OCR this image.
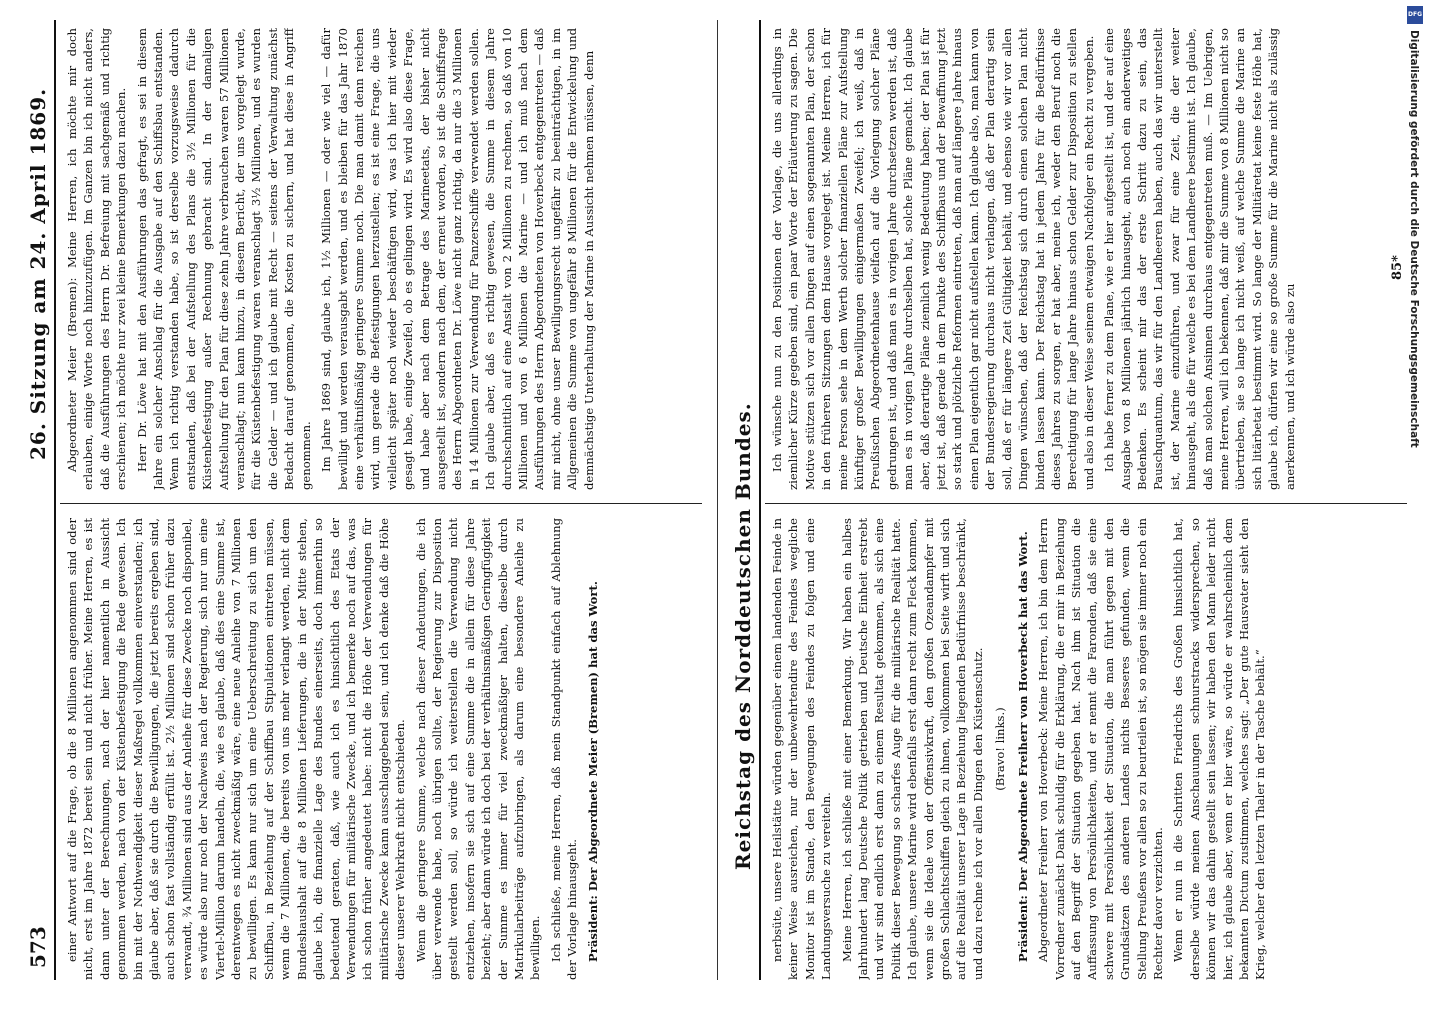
26. Sitzung am 24. April 1869.
573 einer Antwort auf die Frage, ob die 8 Millionen angenommen sind oder nicht, erst im Jahre 1872 bereit sein und nicht früher. Meine Herren, es ist dann unter der Berechnungen, nach der hier namentlich in Aussicht genommen werden, nach von der Küstenbefestigung die Rede gewesen. Ich bin mit der Nothwendigkeit dieser Maßregel vollkommen einverstanden; ich glaube aber, daß sie durch die Bewilligungen, die jetzt bereits ergeben sind, auch schon fast vollständig erfüllt ist. 2½ Millionen sind schon früher dazu verwandt, ¾ Millionen sind aus der Anleihe für diese Zwecke noch disponibel, es würde also nur noch der Nachweis nach der Regierung, sich nur um eine Viertel-Million darum handeln, die, wie es glaube, daß dies eine Summe ist, derentwegen es nicht zweckmäßig wäre, eine neue Anleihe von 7 Millionen zu bewilligen. Es kann nur sich um eine Ueberschreitung zu sich um den Schiffbau, in Beziehung auf der Schiffbau Stipulationen eintreten müssen, wenn die 7 Millionen, die bereits von uns mehr verlangt werden, nicht dem Bundeshaushalt auf die 8 Millionen Lieferungen, die in der Mitte stehen, glaube ich, die finanzielle Lage des Bundes einerseits, doch immerhin so bedeutend geraten, daß, wie auch ich es hinsichtlich des Etats der Verwendungen für militärische Zwecke, und ich bemerke noch auf das, was ich schon früher angedeutet habe: nicht die Höhe der Verwendungen für militärische Zwecke kann ausschlaggebend sein, und ich denke daß die Höhe dieser unserer Wehrkraft nicht entschieden. Wenn die geringere Summe, welche nach dieser Andeutungen, die ich über verwende habe, noch übrigen sollte, der Regierung zur Disposition gestellt werden soll, so würde ich weiterstellen die Verwendung nicht entziehen, insofern sie sich auf eine Summe die in allein für diese Jahre bezieht; aber dann würde ich doch bei der verhältnismäßigen Geringfügigkeit der Summe es immer für viel zweckmäßiger halten, dieselbe durch Matrikularbeiträge aufzubringen, als darum eine besondere Anleihe zu bewilligen. Ich schließe, meine Herren, daß mein Standpunkt einfach auf Ablehnung der Vorlage hinausgeht. Präsident: Der Abgeordnete Meier (Bremen) hat das Wort.

Abgeordneter Meier (Bremen): Meine Herren, ich möchte mir doch erlauben, einige Worte noch hinzuzufügen. Im Ganzen bin ich nicht anders, daß die Ausführungen des Herrn Dr. Befreiung mit sachgemäß und richtig erschienen; ich möchte nur zwei kleine Bemerkungen dazu machen. Herr Dr. Löwe hat mit den Ausführungen das gefragt, es sei in diesem Jahre ein solcher Anschlag für die Ausgabe auf den Schiffsbau entstanden. Wenn ich richtig verstanden habe, so ist derselbe vorzugsweise dadurch entstanden, daß bei der Aufstellung des Plans die 3½ Millionen für die Küstenbefestigung außer Rechnung gebracht sind. In der damaligen Aufstellung für den Plan für diese zehn Jahre verbrauchen waren 57 Millionen veranschlagt; nun kann hinzu, in diesem Bericht, der uns vorgelegt wurde, für die Küstenbefestigung waren veranschlagt 3½ Millionen, und es wurden die Gelder — und ich glaube mit Recht — seitens der Verwaltung zunächst Bedacht darauf genommen, die Kosten zu sichern, und hat diese in Angriff genommen. Im Jahre 1869 sind, glaube ich, 1½ Millionen — oder wie viel — dafür bewilligt und werden verausgabt werden, und es bleiben für das Jahr 1870 eine verhältnißmäßig geringere Summe noch. Die man damit denn reichen wird, um gerade die Befestigungen herzustellen; es ist eine Frage, die uns vielleicht später noch wieder beschäftigen wird, was ich hier mit wieder gesagt habe, einige Zweifel, ob es gelingen wird. Es wird also diese Frage, und habe aber nach dem Betrage des Marineetats, der bisher nicht ausgestellt ist, sondern nach dem, der erneut worden, so ist die Schiffsfrage des Herrn Abgeordneten Dr. Löwe nicht ganz richtig, da nur die 3 Millionen in 14 Millionen zur Verwendung für Panzerschiffe verwendet werden sollen. Ich glaube aber, daß es richtig gewesen, die Summe in diesem Jahre durchschnittlich auf eine Anstalt von 2 Millionen zu rechnen, so daß von 10 Millionen und von 6 Millionen die Marine — und ich muß nach dem Ausführungen des Herrn Abgeordneten von Hoverbeck entgegentreten — daß mir nicht, ohne unser Bewilligungsrecht ungefähr zu beeinträchtigen, in im Allgemeinen die Summe von ungefähr 8 Millionen für die Entwickelung und demnächstige Unterhaltung der Marine in Aussicht nehmen müssen, denn

Reichstag des Norddeutschen Bundes. nerbsüte, unsere Heilstätte würden gegenüber einem landenden Feinde in keiner Weise ausreichen, nur der unbewehrtendire des Feindes wegliche Monitor ist im Stande, den Bewegungen des Feindes zu folgen und eine Landungsversuche zu vereiteln. Meine Herren, ich schließe mit einer Bemerkung. Wir haben ein halbes Jahrhundert lang Deutsche Politik getrieben und Deutsche Einheit erstrebt und wir sind endlich erst dann zu einem Resultat gekommen, als sich eine Politik dieser Bewegung so scharfes Auge für die militärische Realität hatte. Ich glaube, unsere Marine wird ebenfalls erst dann recht zum Fleck kommen, wenn sie die Ideale von der Offensivkraft, den großen Ozeandampfer mit großen Schlachtschiffen gleich zu ihnen, vollkommen bei Seite wirft und sich auf die Realität unserer Lage in Beziehung liegenden Bedürfnisse beschränkt, und dazu rechne ich vor allen Dingen den Küstenschutz. (Bravo! links.) Präsident: Der Abgeordnete Freiherr von Hoverbeck hat das Wort. Abgeordneter Freiherr von Hoverbeck: Meine Herren, ich bin dem Herrn Vorredner zunächst Dank schuldig für die Erklärung, die er mir in Beziehung auf den Begriff der Situation gegeben hat. Nach ihm ist Situation die Auffassung von Persönlichkeiten, und er nennt die Faronden, daß sie eine schwere mit Persönlichkeit der Situation, die man führt gegen mit den Grundsätzen des anderen Landes nichts Besseres gefunden, wenn die Stellung Preußens vor allen so zu beurteilen ist, so mögen sie immer noch ein Rechter davor verzichten. Wenn er nun in die Schritten Friedrichs des Großen hinsichtlich hat, derselbe würde meinen Anschauungen schnurstracks widersprechen, so können wir das dahin gestellt sein lassen; wir haben den Mann leider nicht hier, ich glaube aber, wenn er hier wäre, so würde er wahrscheinlich dem bekannten Dictum zustimmen, welches sagt: „Der gute Hausvater sieht den Krieg, welcher den letzten Thaler in der Tasche behält.“

Ich wünsche nun zu den Positionen der Vorlage, die uns allerdings in ziemlicher Kürze gegeben sind, ein paar Worte der Erläuterung zu sagen. Die Motive stützen sich vor allen Dingen auf einen sogenannten Plan, der schon in den früheren Sitzungen dem Hause vorgelegt ist. Meine Herren, ich für meine Person sehe in dem Werth solcher finanziellen Pläne zur Aufstellung künftiger großer Bewilligungen einigermaßen Zweifel; ich weiß, daß in Preußischen Abgeordnetenhause vielfach auf die Vorlegung solcher Pläne gedrungen ist, und daß man es in vorigen Jahre durchsetzen werden ist, daß man es in vorigen Jahre durchselben hat, solche Pläne gemacht. Ich glaube aber, daß derartige Pläne ziemlich wenig Bedeutung haben; der Plan ist für jetzt ist, daß gerade in dem Punkte des Schiffbaus und der Bewaffnung jetzt so stark und plötzliche Reformen eintreten, daß man auf längere Jahre hinaus einen Plan eigentlich gar nicht aufstellen kann. Ich glaube also, man kann von der Bundesregierung durchaus nicht verlangen, daß der Plan derartig sein soll, daß er für längere Zeit Gültigkeit behält, und ebenso wie wir vor allen Dingen wünschen, daß der Reichstag sich durch einen solchen Plan nicht binden lassen kann. Der Reichstag hat in jedem Jahre für die Bedürfnisse dieses Jahres zu sorgen, er hat aber, meine ich, weder den Beruf noch die Berechtigung für lange Jahre hinaus schon Gelder zur Disposition zu stellen und also in dieser Weise seinem etwaigen Nachfolger ein Recht zu vergeben. Ich habe ferner zu dem Plane, wie er hier aufgestellt ist, und der auf eine Ausgabe von 8 Millionen jährlich hinausgeht, auch noch ein anderweitiges Bedenken. Es scheint mir das der erste Schritt dazu zu sein, das Pauschquantum, das wir für den Landheeren haben, auch das wir unterstellt ist, der Marine einzuführen, und zwar für eine Zeit, die der weiter hinausgeht, als die für welche es bei dem Landheere bestimmt ist. Ich glaube, daß man solchen Ansinnen durchaus entgegentreten muß. — Im Uebrigen, meine Herren, will ich bekennen, daß mir die Summe von 8 Millionen nicht so übertrieben, sie so lange ich nicht weiß, auf welche Summe die Marine an sich litärbetat bestimmt wird. So lange der Militäretat keine feste Höhe hat, glaube ich, dürfen wir eine so große Summe für die Marine nicht als zulässig anerkennen, und ich würde also zu

85*
DFG
Digitalisierung gefördert durch die Deutsche Forschungsgemeinschaft
